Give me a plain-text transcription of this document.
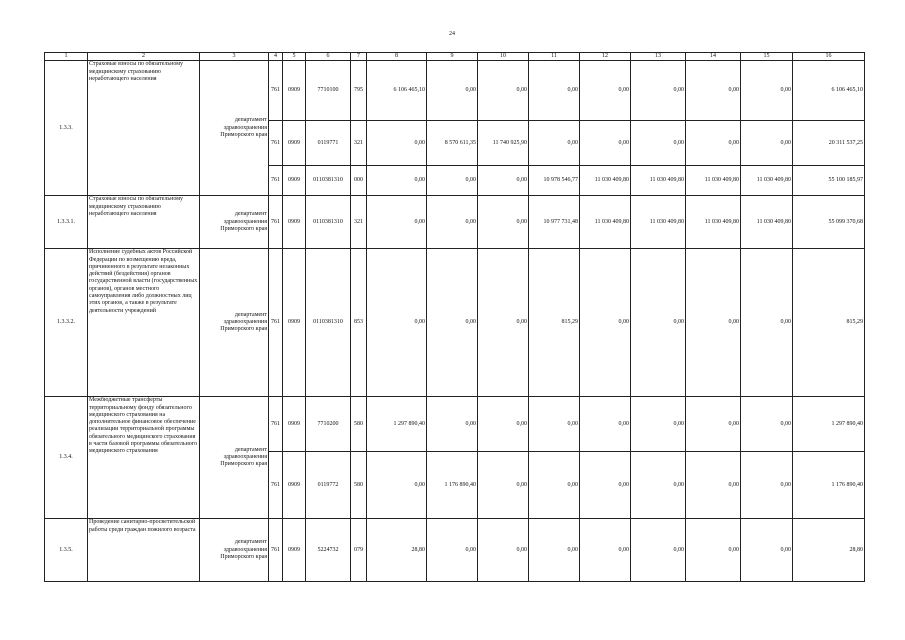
24
1	2	3	4	5	6	7	8	9	10	11	12	13	14	15	16
1.3.3.	Страховые взносы по обязательному медицинскому страхованию неработающего населения	департамент здравоохранения Приморского края	761	0909	7710100	795	6 106 465,10	0,00	0,00	0,00	0,00	0,00	0,00	0,00	6 106 465,10
			761	0909	0119771	321	0,00	8 570 611,35	11 740 925,90	0,00	0,00	0,00	0,00	0,00	20 311 537,25
			761	0909	0110381310	000	0,00	0,00	0,00	10 978 546,77	11 030 409,80	11 030 409,80	11 030 409,80	11 030 409,80	55 100 185,97
1.3.3.1.	Страховые взносы по обязательному медицинскому страхованию неработающего населения	департамент здравоохранения Приморского края	761	0909	0110381310	321	0,00	0,00	0,00	10 977 731,48	11 030 409,80	11 030 409,80	11 030 409,80	11 030 409,80	55 099 370,68
1.3.3.2.	Исполнение судебных актов Российской Федерации по возмещению вреда, причиненного в результате незаконных действий (бездействия) органов государственной власти (государственных органов), органов местного самоуправления либо должностных лиц этих органов, а также в результате деятельности учреждений	департамент здравоохранения Приморского края	761	0909	0110381310	853	0,00	0,00	0,00	815,29	0,00	0,00	0,00	0,00	815,29
1.3.4.	Межбюджетные трансферты территориальному фонду обязательного медицинского страхования на дополнительное финансовое обеспечение реализации территориальной программы обязательного медицинского страхования в части базовой программы обязательного медицинского страхования	департамент здравоохранения Приморского края	761	0909	7710200	580	1 297 890,40	0,00	0,00	0,00	0,00	0,00	0,00	0,00	1 297 890,40
			761	0909	0119772	580	0,00	1 176 890,40	0,00	0,00	0,00	0,00	0,00	0,00	1 176 890,40
1.3.5.	Проведение санитарно-просветительской работы среди граждан пожилого возраста	департамент здравоохранения Приморского края	761	0909	5224732	079	28,80	0,00	0,00	0,00	0,00	0,00	0,00	0,00	28,80
